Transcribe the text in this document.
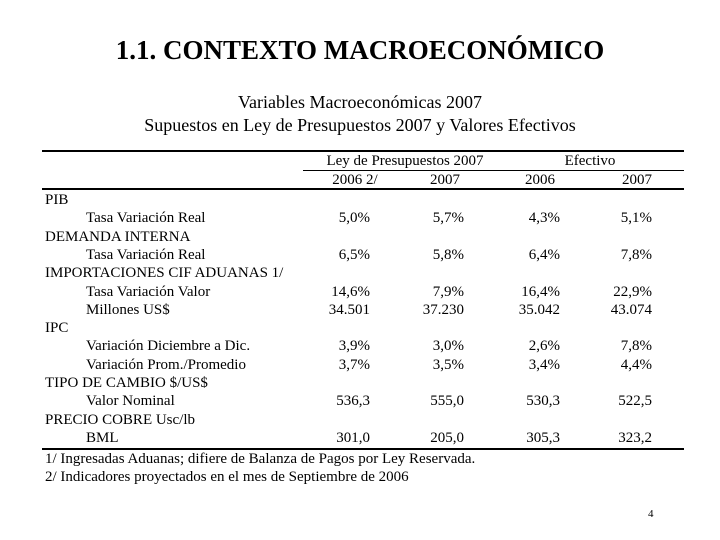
1.1. CONTEXTO MACROECONÓMICO
Variables Macroeconómicas 2007
Supuestos en Ley de Presupuestos 2007 y Valores Efectivos
Ley de Presupuestos 2007	Efectivo
2006 2/	2007	2006	2007
PIB
Tasa Variación Real	5,0%	5,7%	4,3%	5,1%
DEMANDA INTERNA
Tasa Variación Real	6,5%	5,8%	6,4%	7,8%
IMPORTACIONES CIF ADUANAS 1/
Tasa Variación Valor	14,6%	7,9%	16,4%	22,9%
Millones US$	34.501	37.230	35.042	43.074
IPC
Variación Diciembre a Dic.	3,9%	3,0%	2,6%	7,8%
Variación Prom./Promedio	3,7%	3,5%	3,4%	4,4%
TIPO DE CAMBIO $/US$
Valor Nominal	536,3	555,0	530,3	522,5
PRECIO COBRE Usc/lb
BML	301,0	205,0	305,3	323,2
1/ Ingresadas Aduanas; difiere de Balanza de Pagos por Ley Reservada.
2/ Indicadores proyectados en el mes de Septiembre de 2006
4
